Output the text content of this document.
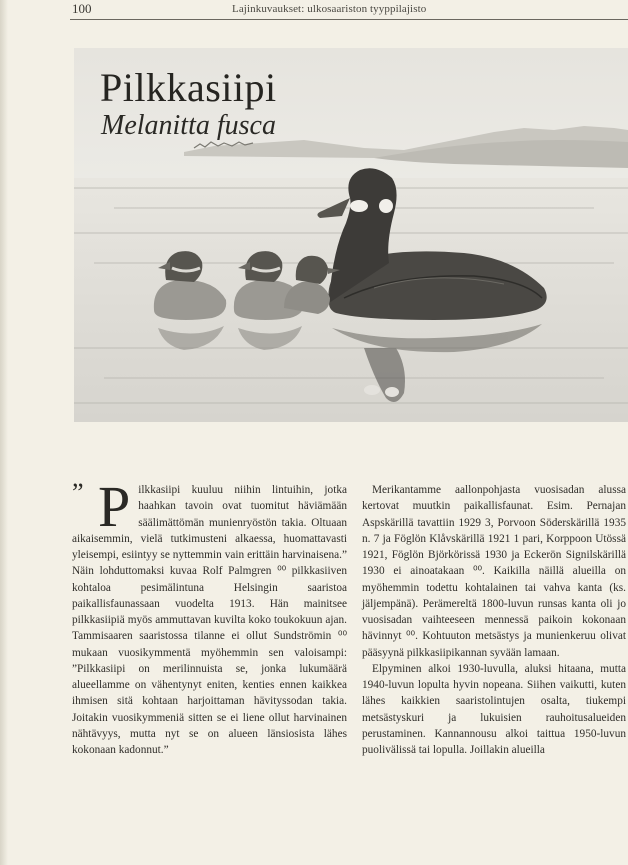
100	Lajinkuvaukset: ulkosaariston tyyppilajisto
Pilkkasiipi
Melanitta fusca
” Pilkkasiipi kuuluu niihin lintuihin, jotka haahkan tavoin ovat tuomitut häviämään säälimättömän munienryöstön takia. Oltuaan aikaisemmin, vielä tutkimusteni alkaessa, huomattavasti yleisempi, esiintyy se nyttemmin vain erittäin harvinaisena.” Näin lohduttomaksi kuvaa Rolf Palmgren ⁰⁰ pilkkasiiven kohtaloa pesimälintuna Helsingin saaristoa paikallisfaunassaan vuodelta 1913. Hän mainitsee pilkkasiipiä myös ammuttavan kuvilta koko toukokuun ajan. Tammisaaren saaristossa tilanne ei ollut Sundströmin ⁰⁰ mukaan vuosikymmentä myöhemmin sen valoisampi: ”Pilkkasiipi on merilinnuista se, jonka lukumäärä alueellamme on vähentynyt eniten, kenties ennen kaikkea ihmisen sitä kohtaan harjoittaman hävityssodan takia. Joitakin vuosikymmeniä sitten se ei liene ollut harvinainen nähtävyys, mutta nyt se on alueen länsiosista lähes kokonaan kadonnut.”

Merikantamme aallonpohjasta vuosisadan alussa kertovat muutkin paikallisfaunat. Esim. Pernajan Aspskärillä tavattiin 1929 3, Porvoon Söderskärillä 1935 n. 7 ja Föglön Klåvskärillä 1921 1 pari, Korppoon Utössä 1921, Föglön Björkörissä 1930 ja Eckerön Signilskärillä 1930 ei ainoatakaan ⁰⁰. Kaikilla näillä alueilla on myöhemmin todettu kohtalainen tai vahva kanta (ks. jäljempänä). Perämereltä 1800-luvun runsas kanta oli jo vuosisadan vaihteeseen mennessä paikoin kokonaan hävinnyt ⁰⁰. Kohtuuton metsästys ja munienkeruu olivat pääsyynä pilkkasiipikannan syvään lamaan.

Elpyminen alkoi 1930-luvulla, aluksi hitaana, mutta 1940-luvun lopulta hyvin nopeana. Siihen vaikutti, kuten lähes kaikkien saaristolintujen osalta, tiukempi metsästyskuri ja lukuisien rauhoitusalueiden perustaminen. Kannannousu alkoi taittua 1950-luvun puolivälissä tai lopulla. Joillakin alueilla
